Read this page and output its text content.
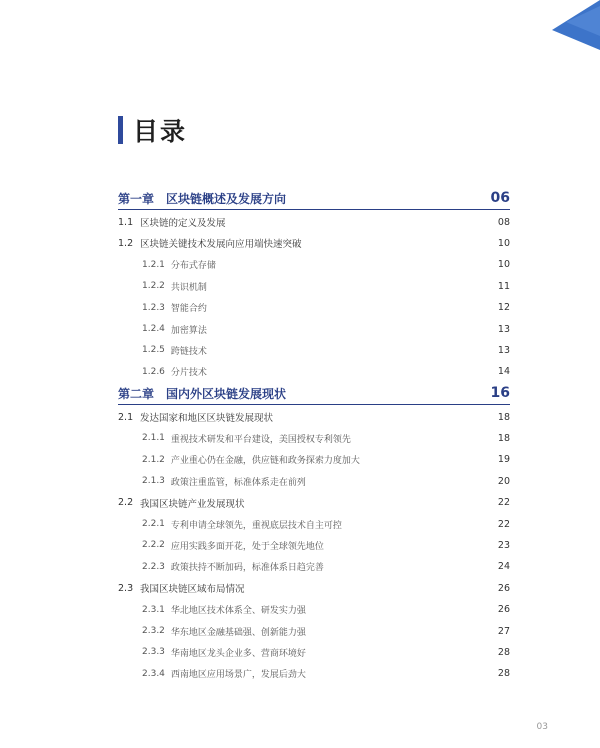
目录
第一章 区块链概述及发展方向	06
1.1 区块链的定义及发展	08
1.2 区块链关键技术发展向应用端快速突破	10
1.2.1 分布式存储	10
1.2.2 共识机制	11
1.2.3 智能合约	12
1.2.4 加密算法	13
1.2.5 跨链技术	13
1.2.6 分片技术	14
第二章 国内外区块链发展现状	16
2.1 发达国家和地区区块链发展现状	18
2.1.1 重视技术研发和平台建设，美国授权专利领先	18
2.1.2 产业重心仍在金融，供应链和政务探索力度加大	19
2.1.3 政策注重监管，标准体系走在前列	20
2.2 我国区块链产业发展现状	22
2.2.1 专利申请全球领先，重视底层技术自主可控	22
2.2.2 应用实践多面开花，处于全球领先地位	23
2.2.3 政策扶持不断加码，标准体系日趋完善	24
2.3 我国区块链区域布局情况	26
2.3.1 华北地区技术体系全、研发实力强	26
2.3.2 华东地区金融基础强、创新能力强	27
2.3.3 华南地区龙头企业多、营商环境好	28
2.3.4 西南地区应用场景广，发展后劲大	28
03
